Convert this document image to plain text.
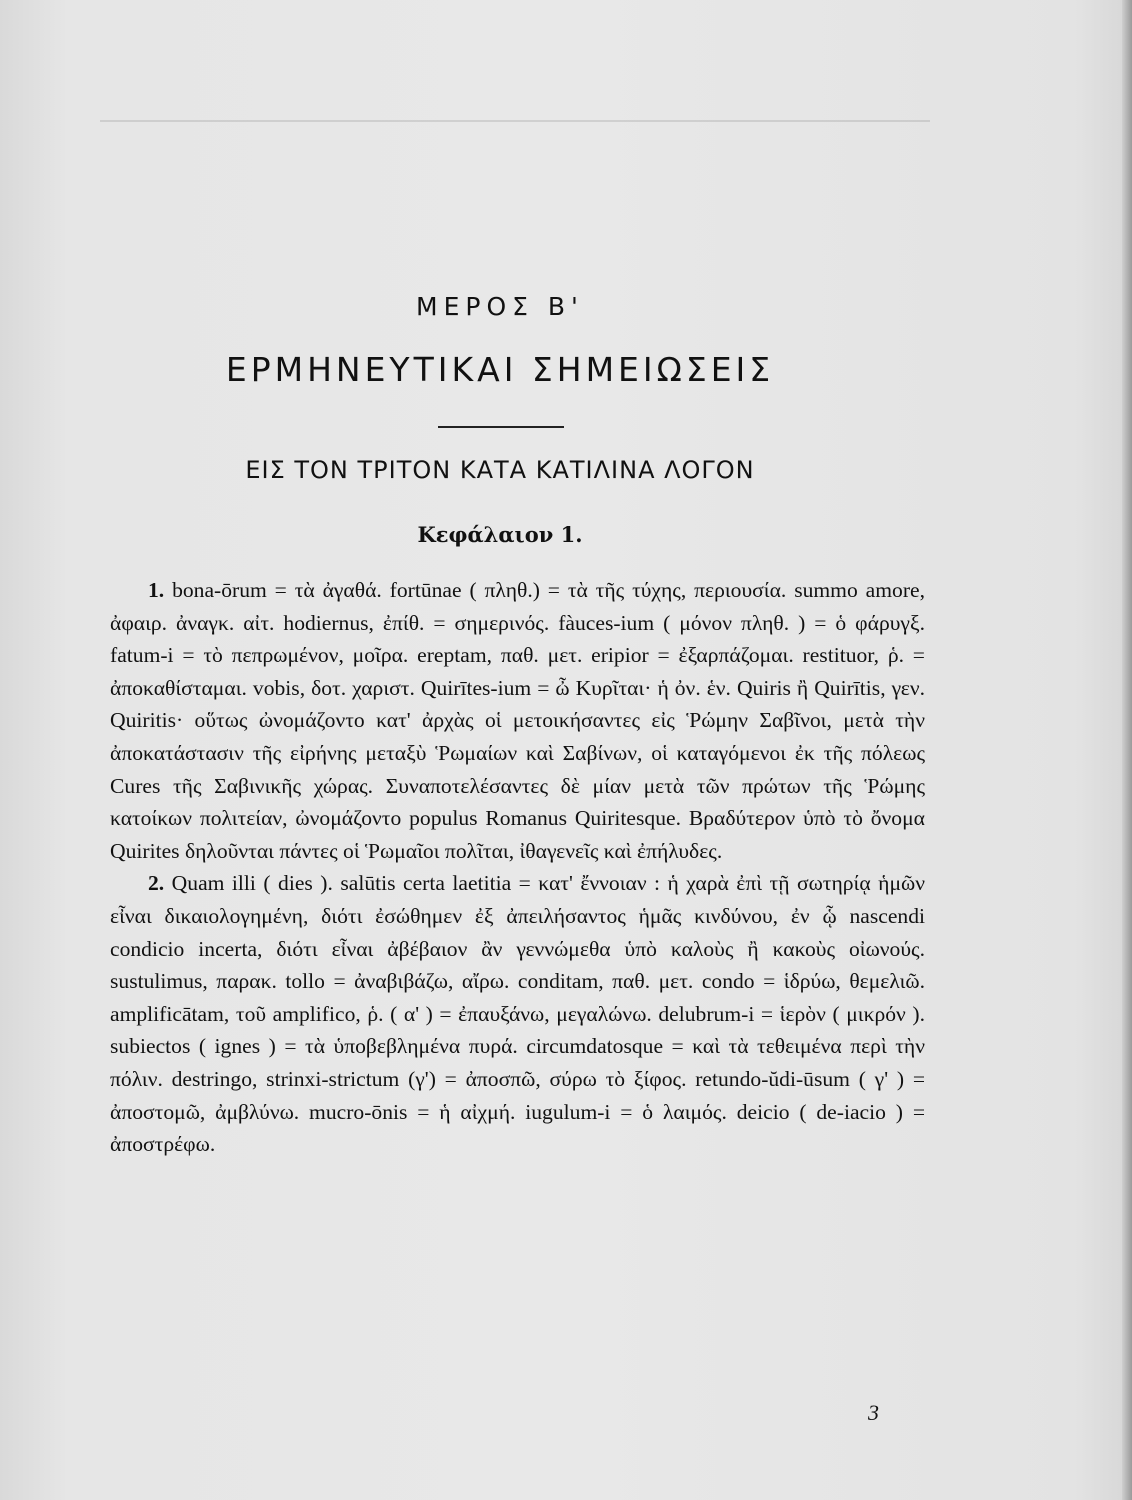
ΜΕΡΟΣ Β'
ΕΡΜΗΝΕΥΤΙΚΑΙ ΣΗΜΕΙΩΣΕΙΣ
ΕΙΣ ΤΟΝ ΤΡΙΤΟΝ ΚΑΤΑ ΚΑΤΙΛΙΝΑ ΛΟΓΟΝ
Κεφάλαιον 1.

1. bona-ōrum = τὰ ἀγαθά. fortūnae ( πληθ.) = τὰ τῆς τύχης, περιουσία. summo amore, ἀφαιρ. ἀναγκ. αἰτ. hodiernus, ἐπίθ. = σημερινός. fàuces-ium ( μόνον πληθ. ) = ὁ φάρυγξ. fatum-i = τὸ πεπρωμένον, μοῖρα. ereptam, παθ. μετ. eripior = ἐξαρπάζομαι. restituor, ῥ. = ἀποκαθίσταμαι. vobis, δοτ. χαριστ. Quirītes-ium = ὦ Κυρῖται· ἡ ὀν. ἑν. Quiris ἢ Quirītis, γεν. Quiritis· οὕτως ὠνομάζοντο κατ' ἀρχὰς οἱ μετοικήσαντες εἰς Ῥώμην Σαβῖνοι, μετὰ τὴν ἀποκατάστασιν τῆς εἰρήνης μεταξὺ Ῥωμαίων καὶ Σαβίνων, οἱ καταγόμενοι ἐκ τῆς πόλεως Cures τῆς Σαβινικῆς χώρας. Συναποτελέσαντες δὲ μίαν μετὰ τῶν πρώτων τῆς Ῥώμης κατοίκων πολιτείαν, ὠνομάζοντο populus Romanus Quiritesque. Βραδύτερον ὑπὸ τὸ ὄνομα Quirites δηλοῦνται πάντες οἱ Ῥωμαῖοι πολῖται, ἰθαγενεῖς καὶ ἐπήλυδες.

2. Quam illi ( dies ). salūtis certa laetitia = κατ' ἔννοιαν : ἡ χαρὰ ἐπὶ τῇ σωτηρίᾳ ἡμῶν εἶναι δικαιολογημένη, διότι ἐσώθημεν ἐξ ἀπειλήσαντος ἡμᾶς κινδύνου, ἐν ᾧ nascendi condicio incerta, διότι εἶναι ἀβέβαιον ἂν γεννώμεθα ὑπὸ καλοὺς ἢ κακοὺς οἰωνούς. sustulimus, παρακ. tollo = ἀναβιβάζω, αἴρω. conditam, παθ. μετ. condo = ἱδρύω, θεμελιῶ. amplificātam, τοῦ amplifico, ῥ. ( α' ) = ἐπαυξάνω, μεγαλώνω. delubrum-i = ἱερὸν ( μικρόν ). subiectos ( ignes ) = τὰ ὑποβεβλημένα πυρά. circumdatosque = καὶ τὰ τεθειμένα περὶ τὴν πόλιν. destringo, strinxi-strictum (γ') = ἀποσπῶ, σύρω τὸ ξίφος. retundo-ŭdi-ūsum ( γ' ) = ἀποστομῶ, ἀμβλύνω. mucro-ōnis = ἡ αἰχμή. iugulum-i = ὁ λαιμός. deicio ( de-iacio ) = ἀποστρέφω.

3
